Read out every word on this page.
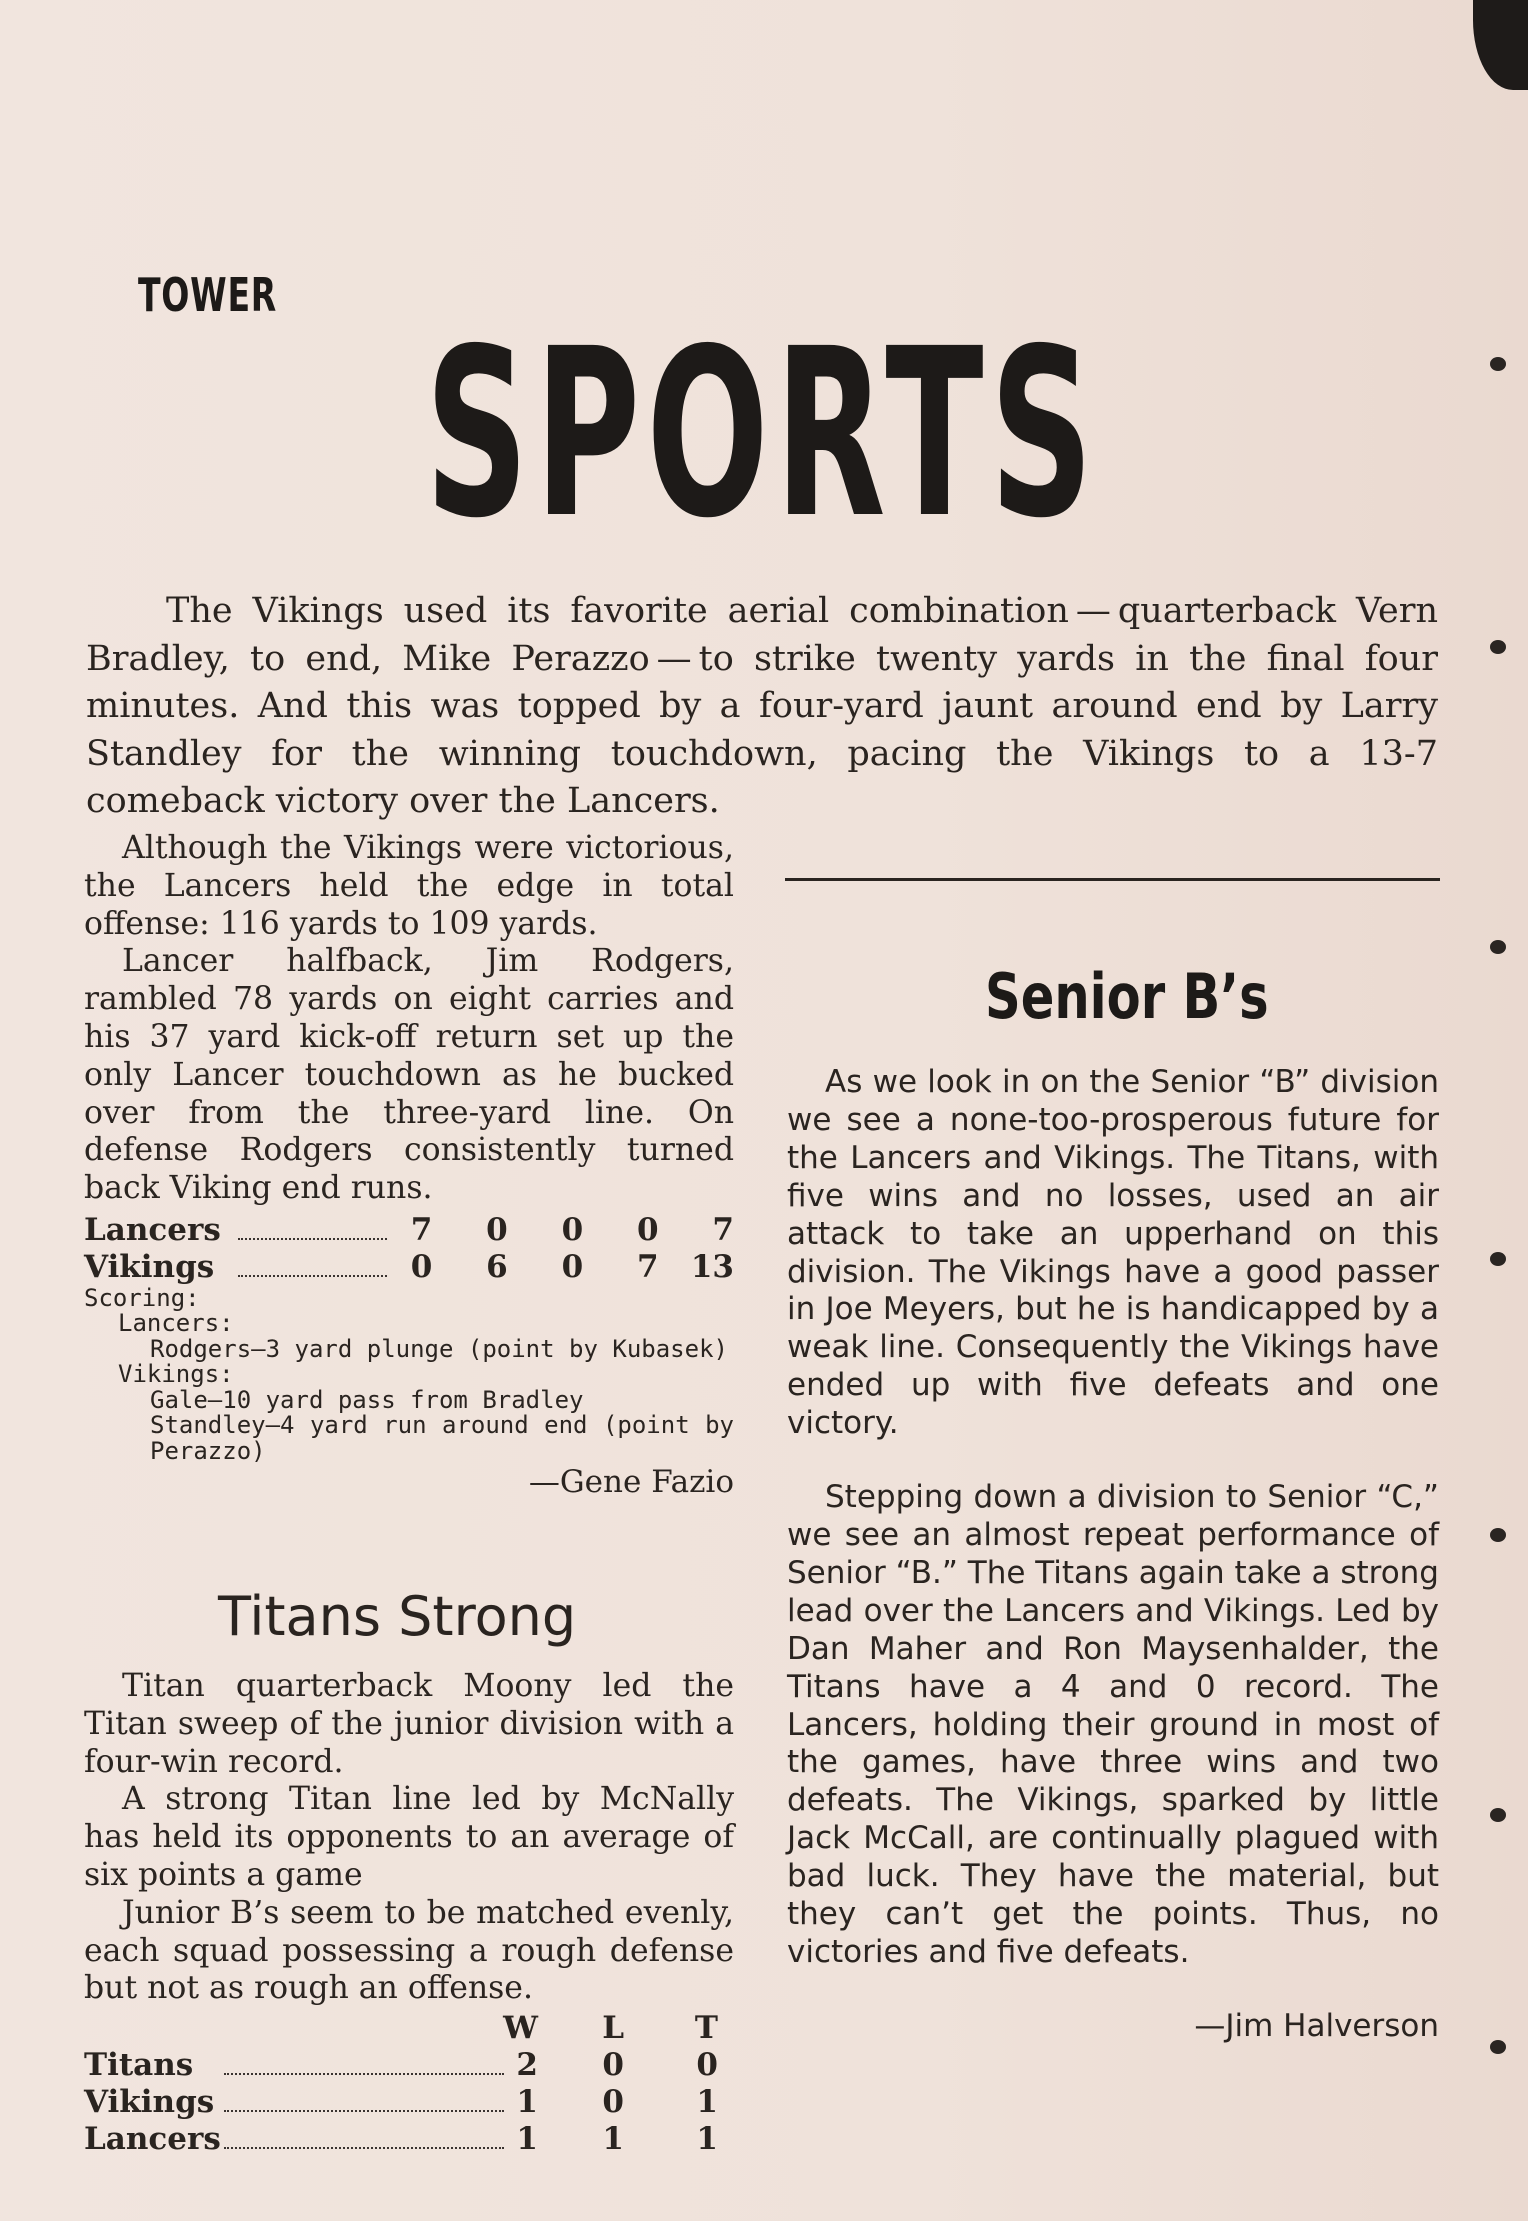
TOWER
SPORTS

The Vikings used its favorite aerial combination — quarterback Vern Bradley, to end, Mike Perazzo — to strike twenty yards in the final four minutes. And this was topped by a four-yard jaunt around end by Larry Standley for the winning touchdown, pacing the Vikings to a 13-7 comeback victory over the Lancers.

Although the Vikings were victorious, the Lancers held the edge in total offense: 116 yards to 109 yards.

Lancer halfback, Jim Rodgers, rambled 78 yards on eight carries and his 37 yard kick-off return set up the only Lancer touchdown as he bucked over from the three-yard line. On defense Rodgers consistently turned back Viking end runs.

Lancers	7	0	0	0	7
Vikings	0	6	0	7	13
Scoring:
Lancers:
Rodgers—3 yard plunge (point by Kubasek)
Vikings:
Gale—10 yard pass from Bradley
Standley—4 yard run around end (point by Perazzo)
—Gene Fazio
Titans Strong

Titan quarterback Moony led the Titan sweep of the junior division with a four-win record.

A strong Titan line led by McNally has held its opponents to an average of six points a game

Junior B’s seem to be matched evenly, each squad possessing a rough defense but not as rough an offense.

W	L	T
Titans	2	0	0
Vikings	1	0	1
Lancers	1	1	1
Senior B’s

As we look in on the Senior “B” division we see a none-too-prosperous future for the Lancers and Vikings. The Titans, with five wins and no losses, used an air attack to take an upperhand on this division. The Vikings have a good passer in Joe Meyers, but he is handicapped by a weak line. Consequently the Vikings have ended up with five defeats and one victory.

Stepping down a division to Senior “C,” we see an almost repeat performance of Senior “B.” The Titans again take a strong lead over the Lancers and Vikings. Led by Dan Maher and Ron Maysenhalder, the Titans have a 4 and 0 record. The Lancers, holding their ground in most of the games, have three wins and two defeats. The Vikings, sparked by little Jack McCall, are continually plagued with bad luck. They have the material, but they can’t get the points. Thus, no victories and five defeats.

—Jim Halverson
